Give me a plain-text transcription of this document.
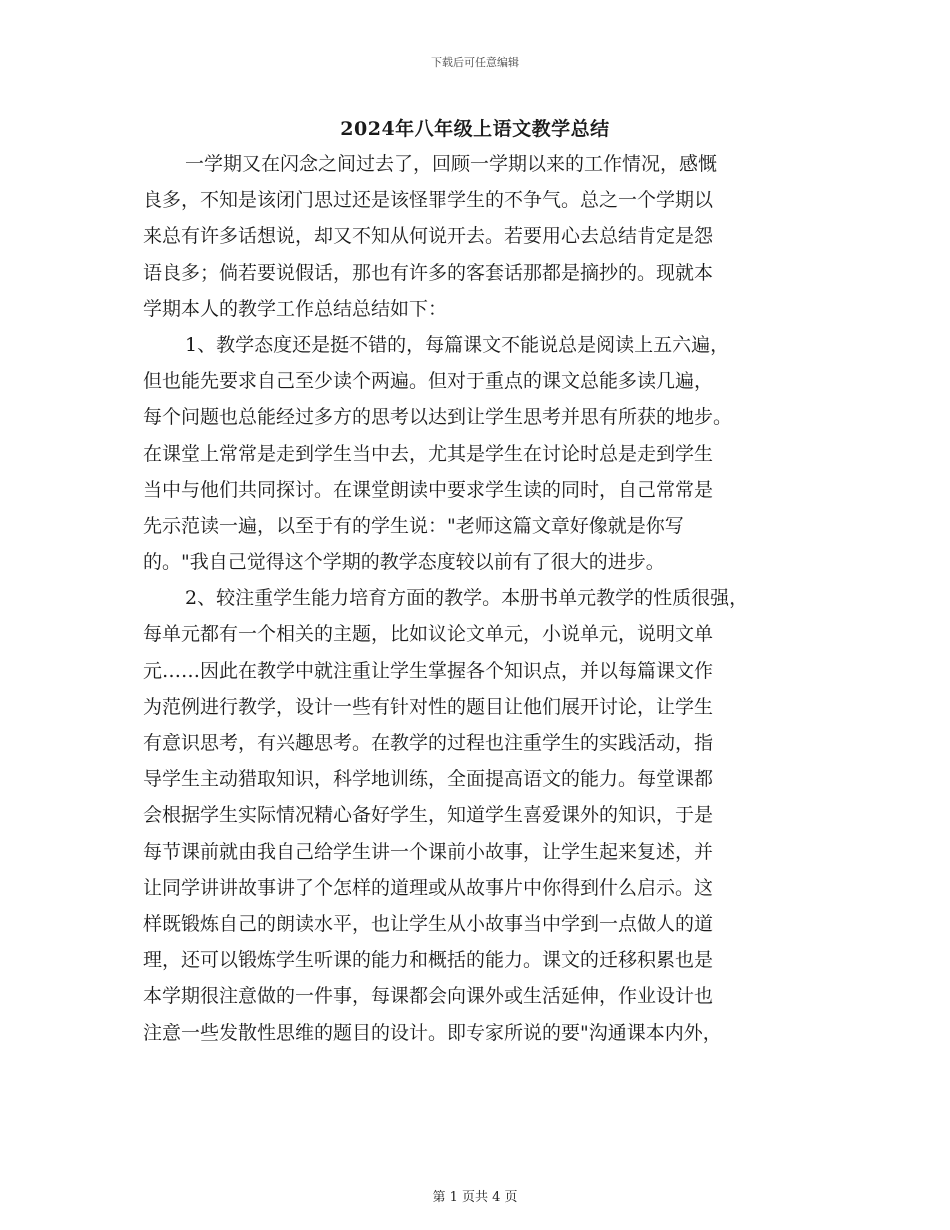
下载后可任意编辑
2024年八年级上语文教学总结
一学期又在闪念之间过去了，回顾一学期以来的工作情况，感慨
良多，不知是该闭门思过还是该怪罪学生的不争气。总之一个学期以
来总有许多话想说，却又不知从何说开去。若要用心去总结肯定是怨
语良多；倘若要说假话，那也有许多的客套话那都是摘抄的。现就本
学期本人的教学工作总结总结如下：
1、教学态度还是挺不错的，每篇课文不能说总是阅读上五六遍，
但也能先要求自己至少读个两遍。但对于重点的课文总能多读几遍，
每个问题也总能经过多方的思考以达到让学生思考并思有所获的地步。
在课堂上常常是走到学生当中去，尤其是学生在讨论时总是走到学生
当中与他们共同探讨。在课堂朗读中要求学生读的同时，自己常常是
先示范读一遍，以至于有的学生说："老师这篇文章好像就是你写
的。"我自己觉得这个学期的教学态度较以前有了很大的进步。
2、较注重学生能力培育方面的教学。本册书单元教学的性质很强，
每单元都有一个相关的主题，比如议论文单元，小说单元，说明文单
元……因此在教学中就注重让学生掌握各个知识点，并以每篇课文作
为范例进行教学，设计一些有针对性的题目让他们展开讨论，让学生
有意识思考，有兴趣思考。在教学的过程也注重学生的实践活动，指
导学生主动猎取知识，科学地训练，全面提高语文的能力。每堂课都
会根据学生实际情况精心备好学生，知道学生喜爱课外的知识，于是
每节课前就由我自己给学生讲一个课前小故事，让学生起来复述，并
让同学讲讲故事讲了个怎样的道理或从故事片中你得到什么启示。这
样既锻炼自己的朗读水平，也让学生从小故事当中学到一点做人的道
理，还可以锻炼学生听课的能力和概括的能力。课文的迁移积累也是
本学期很注意做的一件事，每课都会向课外或生活延伸，作业设计也
注意一些发散性思维的题目的设计。即专家所说的要"沟通课本内外，
第 1 页共 4 页
